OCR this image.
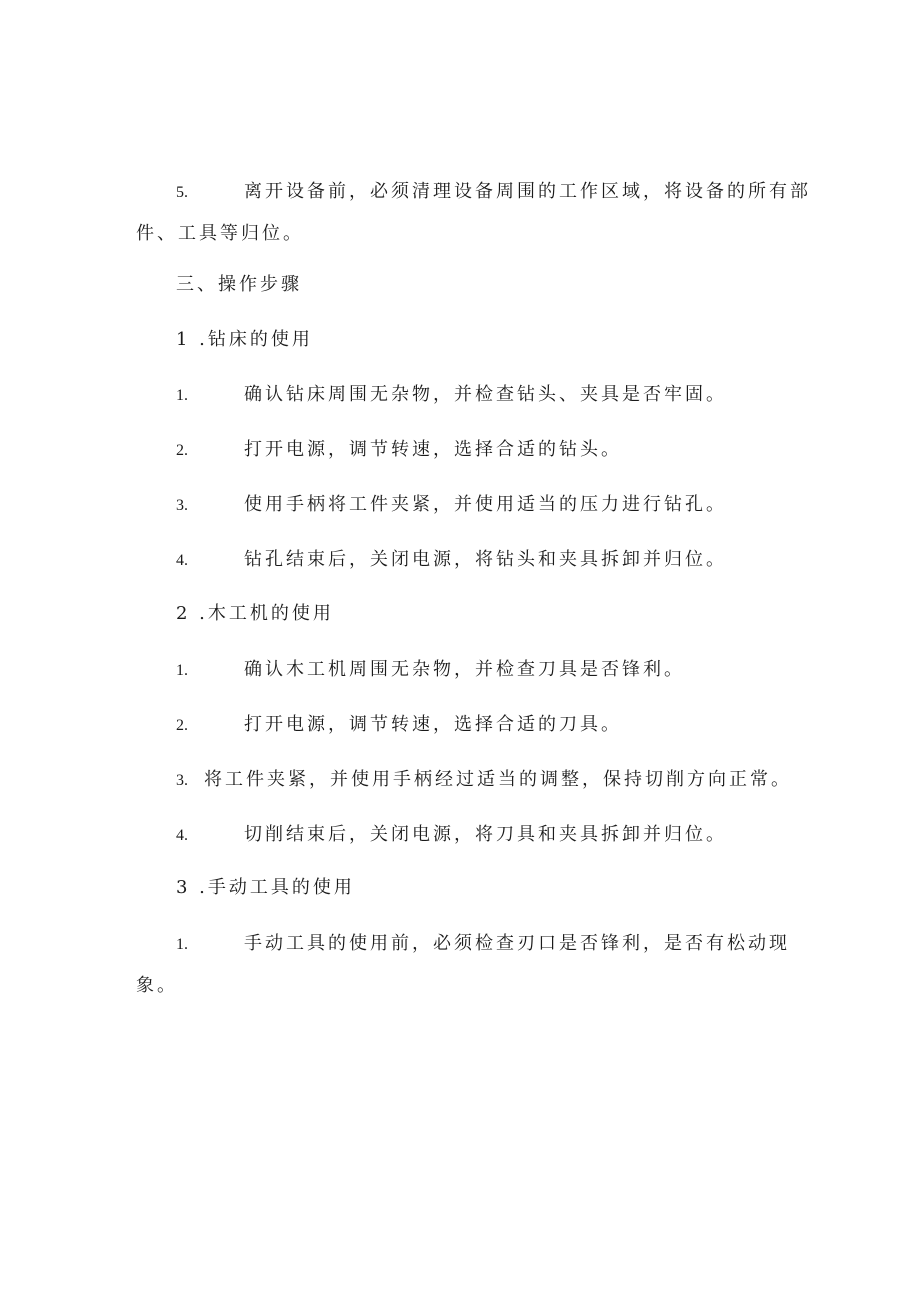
5.	离开设备前，必须清理设备周围的工作区域，将设备的所有部
件、工具等归位。
三、操作步骤
1 .钻床的使用
1.	确认钻床周围无杂物，并检查钻头、夹具是否牢固。
2.	打开电源，调节转速，选择合适的钻头。
3.	使用手柄将工件夹紧，并使用适当的压力进行钻孔。
4.	钻孔结束后，关闭电源，将钻头和夹具拆卸并归位。
2 .木工机的使用
1.	确认木工机周围无杂物，并检查刀具是否锋利。
2.	打开电源，调节转速，选择合适的刀具。
3. 将工件夹紧，并使用手柄经过适当的调整，保持切削方向正常。
4.	切削结束后，关闭电源，将刀具和夹具拆卸并归位。
3 .手动工具的使用
1.	手动工具的使用前，必须检查刃口是否锋利，是否有松动现
象。
